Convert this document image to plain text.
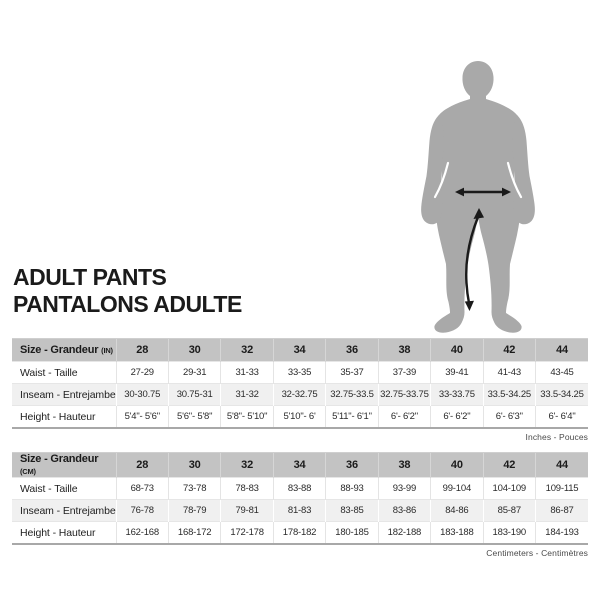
ADULT PANTS
PANTALONS ADULTE
Size - Grandeur (IN)	28	30	32	34	36	38	40	42	44
Waist - Taille	27-29	29-31	31-33	33-35	35-37	37-39	39-41	41-43	43-45
Inseam - Entrejambe	30-30.75	30.75-31	31-32	32-32.75	32.75-33.5	32.75-33.75	33-33.75	33.5-34.25	33.5-34.25
Height - Hauteur	5'4"- 5'6"	5'6"- 5'8"	5'8"- 5'10"	5'10"- 6'	5'11"- 6'1"	6'- 6'2"	6'- 6'2"	6'- 6'3"	6'- 6'4"
Inches - Pouces
Size - Grandeur (CM)	28	30	32	34	36	38	40	42	44
Waist - Taille	68-73	73-78	78-83	83-88	88-93	93-99	99-104	104-109	109-115
Inseam - Entrejambe	76-78	78-79	79-81	81-83	83-85	83-86	84-86	85-87	86-87
Height - Hauteur	162-168	168-172	172-178	178-182	180-185	182-188	183-188	183-190	184-193
Centimeters - Centimètres
